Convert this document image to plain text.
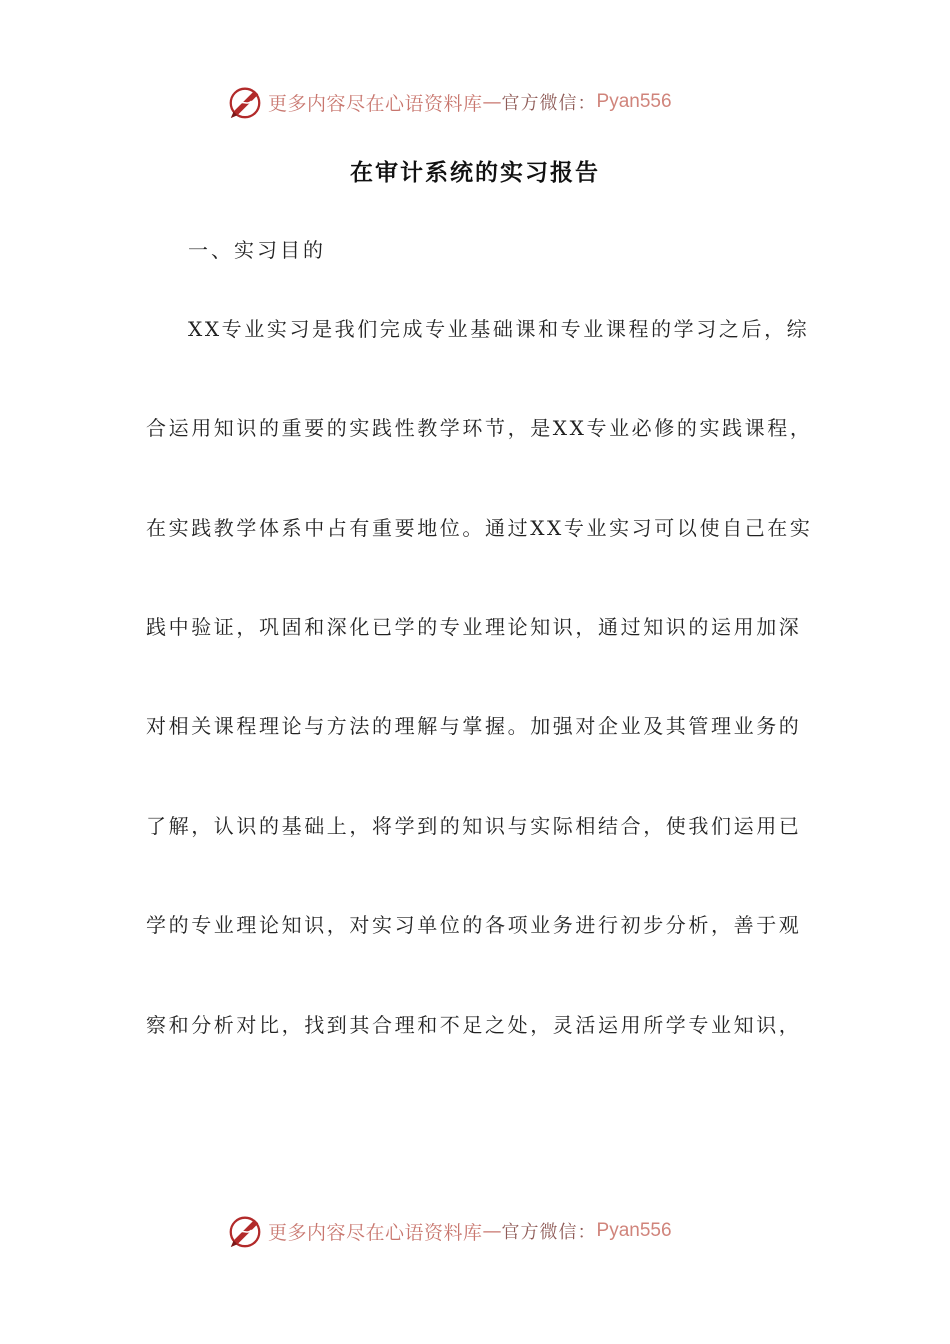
更多内容尽在心语资料库 — 官方微信： Pyan556
在审计系统的实习报告
一、实习目的
XX专业实习是我们完成专业基础课和专业课程的学习之后，综
合运用知识的重要的实践性教学环节，是XX专业必修的实践课程，
在实践教学体系中占有重要地位。通过XX专业实习可以使自己在实
践中验证，巩固和深化已学的专业理论知识，通过知识的运用加深
对相关课程理论与方法的理解与掌握。加强对企业及其管理业务的
了解，认识的基础上，将学到的知识与实际相结合，使我们运用已
学的专业理论知识，对实习单位的各项业务进行初步分析，善于观
察和分析对比，找到其合理和不足之处，灵活运用所学专业知识，
更多内容尽在心语资料库 — 官方微信： Pyan556
